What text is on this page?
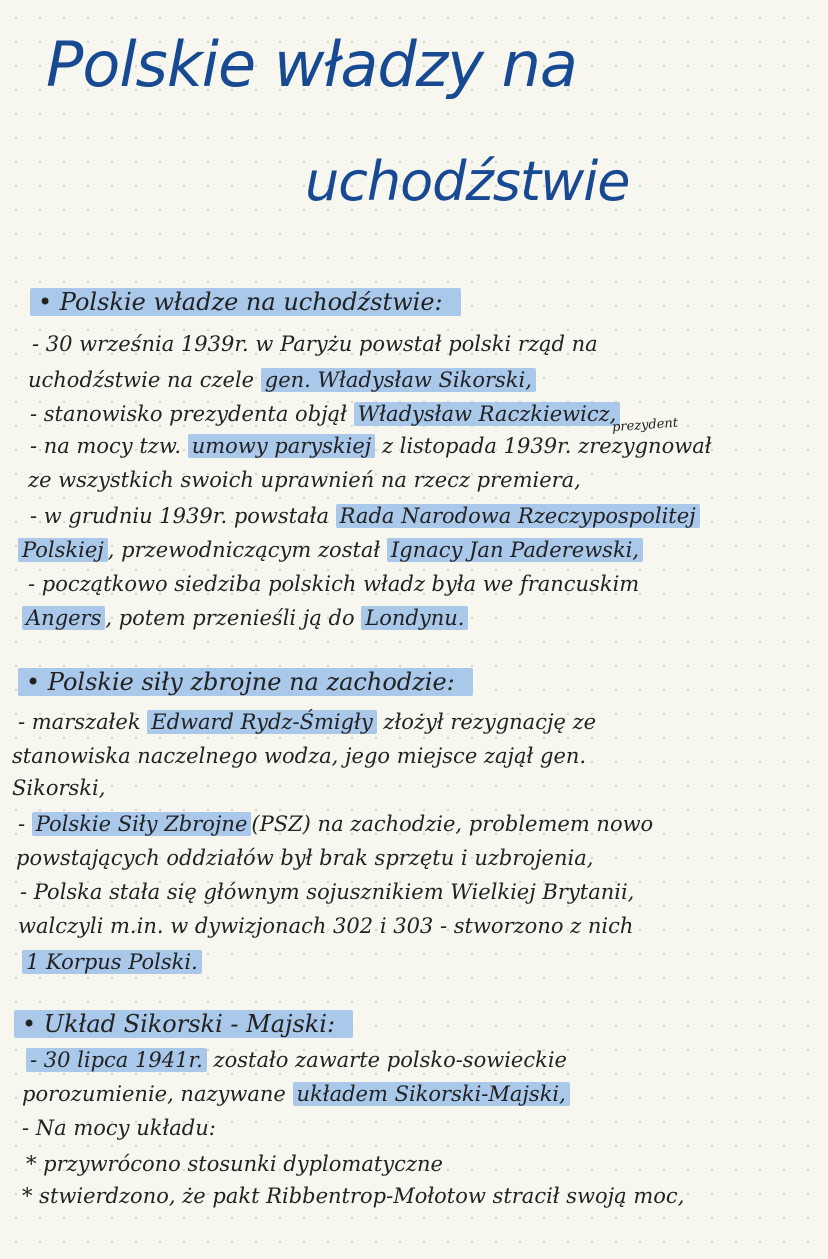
Polskie władzy na
uchodźstwie
• Polskie władze na uchodźstwie:
- 30 września 1939r. w Paryżu powstał polski rząd na
uchodźstwie na czele gen. Władysław Sikorski,
- stanowisko prezydenta objął Władysław Raczkiewicz,
prezydent
- na mocy tzw. umowy paryskiej z listopada 1939r. zrezygnował
ze wszystkich swoich uprawnień na rzecz premiera,
- w grudniu 1939r. powstała Rada Narodowa Rzeczypospolitej
Polskiej , przewodniczącym został Ignacy Jan Paderewski,
- początkowo siedziba polskich władz była we francuskim
Angers , potem przenieśli ją do Londynu.
• Polskie siły zbrojne na zachodzie:
- marszałek Edward Rydz-Śmigły złożył rezygnację ze
stanowiska naczelnego wodza, jego miejsce zajął gen.
Sikorski,
- Polskie Siły Zbrojne (PSZ) na zachodzie, problemem nowo
powstających oddziałów był brak sprzętu i uzbrojenia,
- Polska stała się głównym sojusznikiem Wielkiej Brytanii,
walczyli m.in. w dywizjonach 302 i 303 - stworzono z nich
1 Korpus Polski.
• Układ Sikorski - Majski:
- 30 lipca 1941r. zostało zawarte polsko-sowieckie
porozumienie, nazywane układem Sikorski-Majski,
- Na mocy układu:
* przywrócono stosunki dyplomatyczne
* stwierdzono, że pakt Ribbentrop-Mołotow stracił swoją moc,
